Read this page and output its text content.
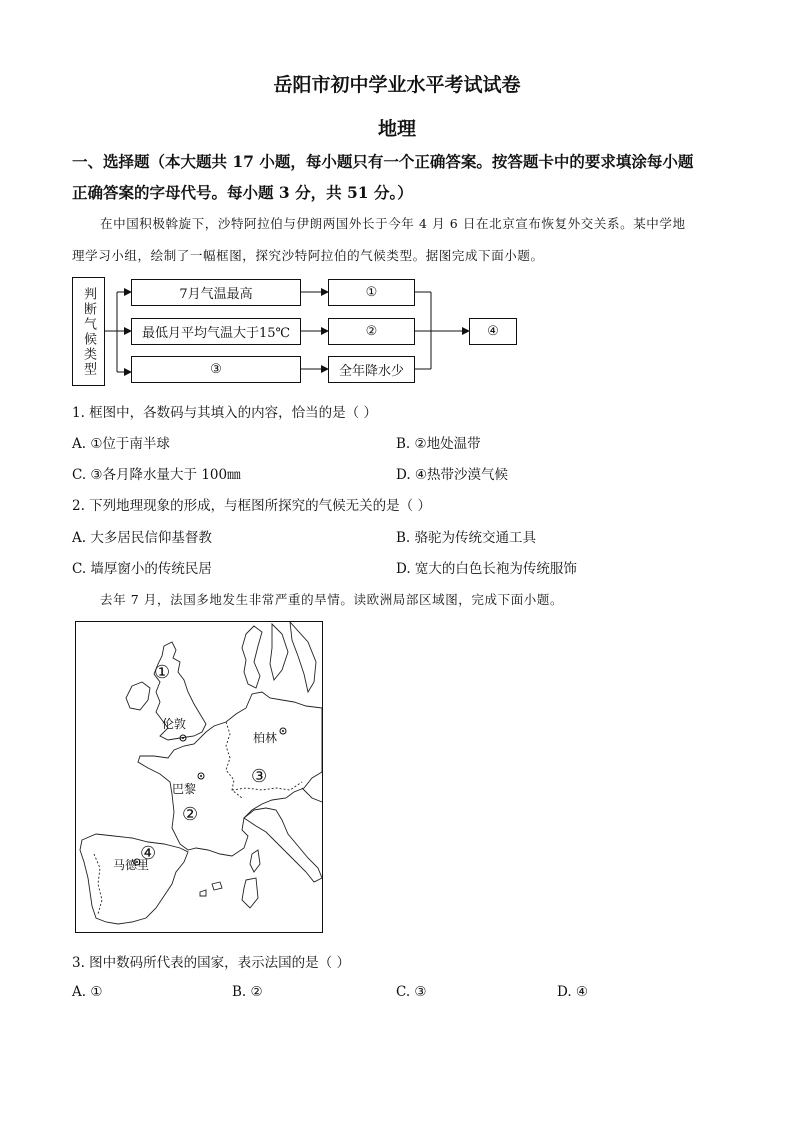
岳阳市初中学业水平考试试卷
地理
一、选择题（本大题共 17 小题，每小题只有一个正确答案。按答题卡中的要求填涂每小题
正确答案的字母代号。每小题 3 分，共 51 分。）
在中国积极斡旋下，沙特阿拉伯与伊朗两国外长于今年 4 月 6 日在北京宣布恢复外交关系。某中学地
理学习小组，绘制了一幅框图，探究沙特阿拉伯的气候类型。据图完成下面小题。
判断气候类型	7月气温最高
最低月平均气温大于15℃
③
①
②
全年降水少
④
1. 框图中，各数码与其填入的内容，恰当的是（ ）
A. ①位于南半球	B. ②地处温带
C. ③各月降水量大于 100㎜	D. ④热带沙漠气候
2. 下列地理现象的形成，与框图所探究的气候无关的是（ ）
A. 大多居民信仰基督教	B. 骆驼为传统交通工具
C. 墙厚窗小的传统民居	D. 宽大的白色长袍为传统服饰
去年 7 月，法国多地发生非常严重的旱情。读欧洲局部区域图，完成下面小题。
伦敦
柏林
巴黎
马德里
①
②
③
④
3. 图中数码所代表的国家，表示法国的是（ ）
A. ①	B. ②	C. ③	D. ④
